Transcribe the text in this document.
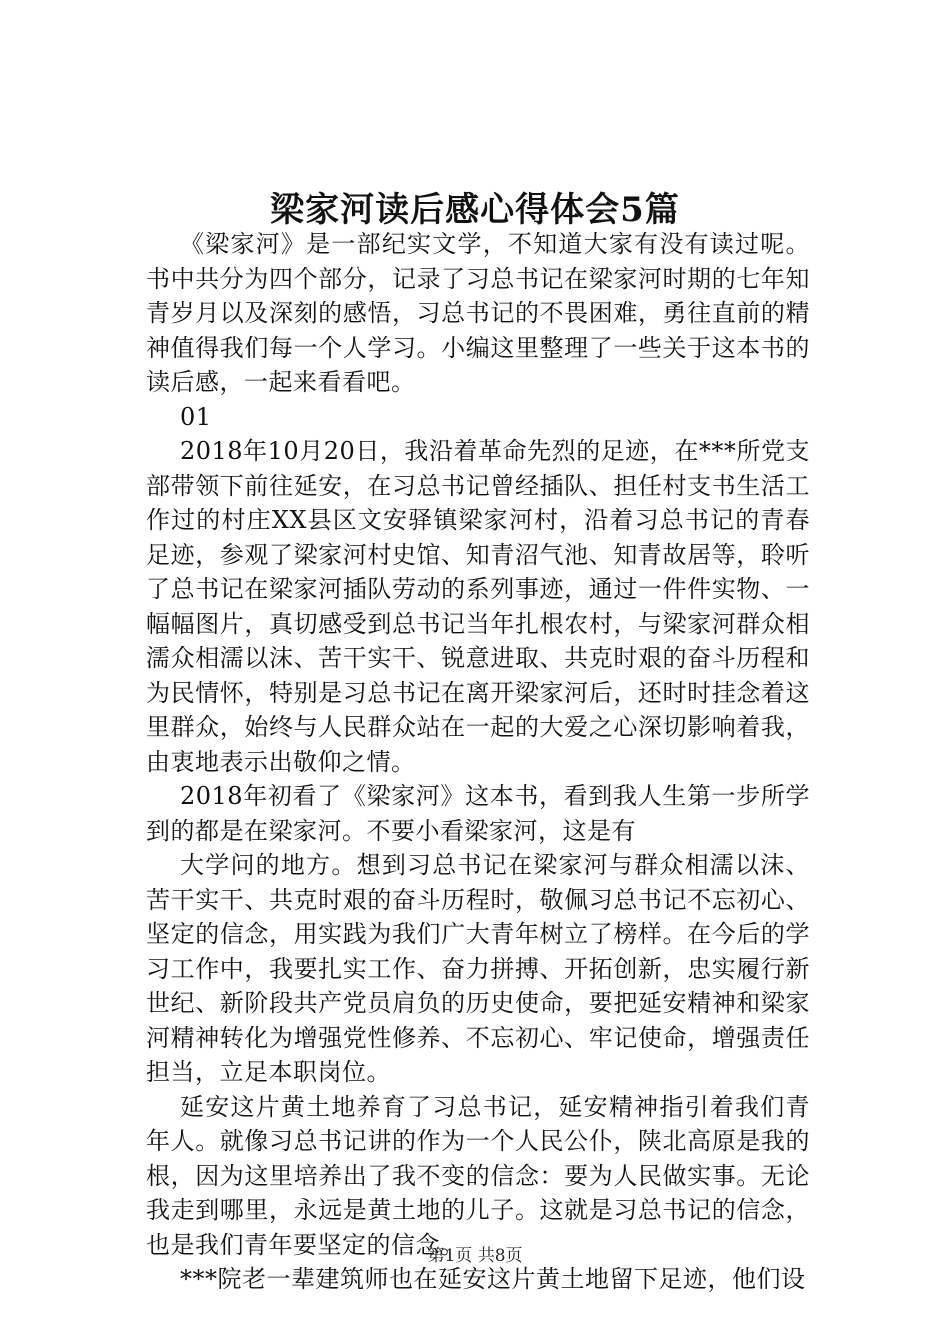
梁家河读后感心得体会5篇

《梁家河》是一部纪实文学，不知道大家有没有读过呢。书中共分为四个部分，记录了习总书记在梁家河时期的七年知青岁月以及深刻的感悟，习总书记的不畏困难，勇往直前的精神值得我们每一个人学习。小编这里整理了一些关于这本书的读后感，一起来看看吧。

01

2018年10月20日，我沿着革命先烈的足迹，在***所党支部带领下前往延安，在习总书记曾经插队、担任村支书生活工作过的村庄XX县区文安驿镇梁家河村，沿着习总书记的青春足迹，参观了梁家河村史馆、知青沼气池、知青故居等，聆听了总书记在梁家河插队劳动的系列事迹，通过一件件实物、一幅幅图片，真切感受到总书记当年扎根农村，与梁家河群众相濡众相濡以沫、苦干实干、锐意进取、共克时艰的奋斗历程和为民情怀，特别是习总书记在离开梁家河后，还时时挂念着这里群众，始终与人民群众站在一起的大爱之心深切影响着我，由衷地表示出敬仰之情。

2018年初看了《梁家河》这本书，看到我人生第一步所学到的都是在梁家河。不要小看梁家河，这是有

大学问的地方。想到习总书记在梁家河与群众相濡以沫、苦干实干、共克时艰的奋斗历程时，敬佩习总书记不忘初心、坚定的信念，用实践为我们广大青年树立了榜样。在今后的学习工作中，我要扎实工作、奋力拼搏、开拓创新，忠实履行新世纪、新阶段共产党员肩负的历史使命，要把延安精神和梁家河精神转化为增强党性修养、不忘初心、牢记使命，增强责任担当，立足本职岗位。

延安这片黄土地养育了习总书记，延安精神指引着我们青年人。就像习总书记讲的作为一个人民公仆，陕北高原是我的根，因为这里培养出了我不变的信念：要为人民做实事。无论我走到哪里，永远是黄土地的儿子。这就是习总书记的信念，也是我们青年要坚定的信念。

***院老一辈建筑师也在延安这片黄土地留下足迹，他们设

第1页 共8页
